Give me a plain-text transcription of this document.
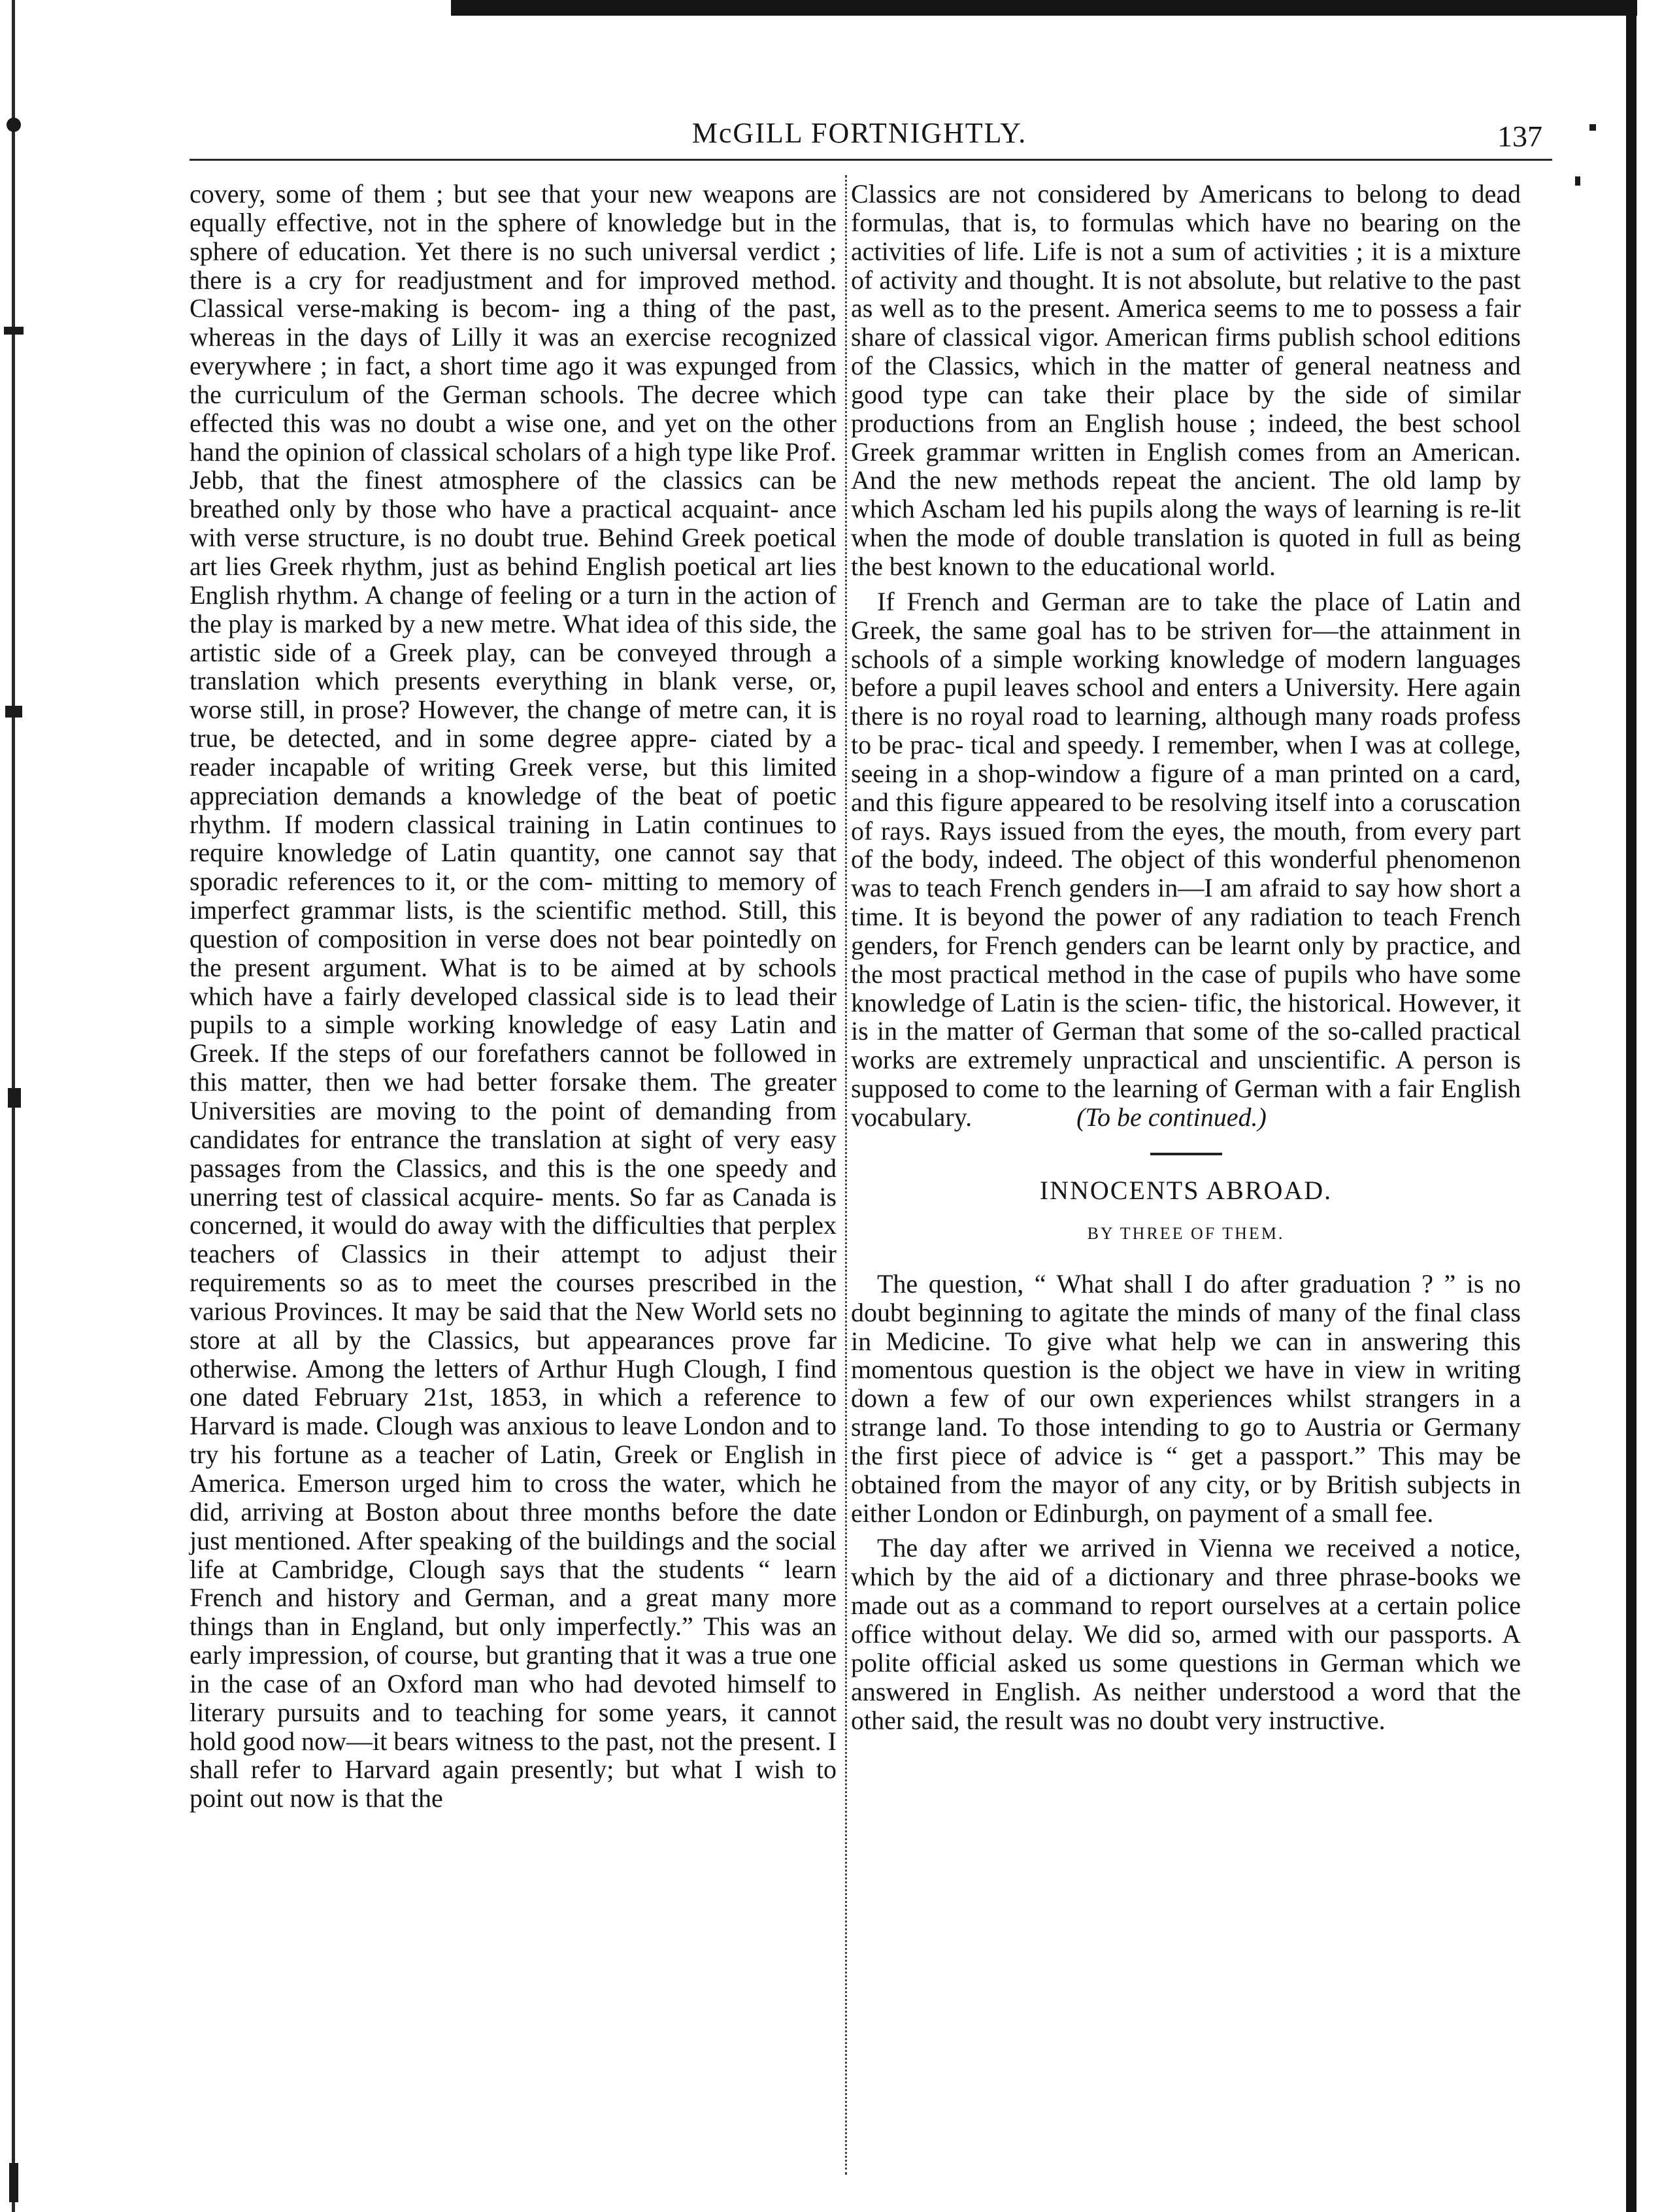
McGILL FORTNIGHTLY.	137

covery, some of them ; but see that your new weapons are equally effective, not in the sphere of knowledge but in the sphere of education. Yet there is no such universal verdict ; there is a cry for readjustment and for improved method. Classical verse-making is becom- ing a thing of the past, whereas in the days of Lilly it was an exercise recognized everywhere ; in fact, a short time ago it was expunged from the curriculum of the German schools. The decree which effected this was no doubt a wise one, and yet on the other hand the opinion of classical scholars of a high type like Prof. Jebb, that the finest atmosphere of the classics can be breathed only by those who have a practical acquaint- ance with verse structure, is no doubt true. Behind Greek poetical art lies Greek rhythm, just as behind English poetical art lies English rhythm. A change of feeling or a turn in the action of the play is marked by a new metre. What idea of this side, the artistic side of a Greek play, can be conveyed through a translation which presents everything in blank verse, or, worse still, in prose? However, the change of metre can, it is true, be detected, and in some degree appre- ciated by a reader incapable of writing Greek verse, but this limited appreciation demands a knowledge of the beat of poetic rhythm. If modern classical training in Latin continues to require knowledge of Latin quantity, one cannot say that sporadic references to it, or the com- mitting to memory of imperfect grammar lists, is the scientific method. Still, this question of composition in verse does not bear pointedly on the present argument. What is to be aimed at by schools which have a fairly developed classical side is to lead their pupils to a simple working knowledge of easy Latin and Greek. If the steps of our forefathers cannot be followed in this matter, then we had better forsake them. The greater Universities are moving to the point of demanding from candidates for entrance the translation at sight of very easy passages from the Classics, and this is the one speedy and unerring test of classical acquire- ments. So far as Canada is concerned, it would do away with the difficulties that perplex teachers of Classics in their attempt to adjust their requirements so as to meet the courses prescribed in the various Provinces. It may be said that the New World sets no store at all by the Classics, but appearances prove far otherwise. Among the letters of Arthur Hugh Clough, I find one dated February 21st, 1853, in which a reference to Harvard is made. Clough was anxious to leave London and to try his fortune as a teacher of Latin, Greek or English in America. Emerson urged him to cross the water, which he did, arriving at Boston about three months before the date just mentioned. After speaking of the buildings and the social life at Cambridge, Clough says that the students “ learn French and history and German, and a great many more things than in England, but only imperfectly.” This was an early impression, of course, but granting that it was a true one in the case of an Oxford man who had devoted himself to literary pursuits and to teaching for some years, it cannot hold good now—it bears witness to the past, not the present. I shall refer to Harvard again presently; but what I wish to point out now is that the

Classics are not considered by Americans to belong to dead formulas, that is, to formulas which have no bearing on the activities of life. Life is not a sum of activities ; it is a mixture of activity and thought. It is not absolute, but relative to the past as well as to the present. America seems to me to possess a fair share of classical vigor. American firms publish school editions of the Classics, which in the matter of general neatness and good type can take their place by the side of similar productions from an English house ; indeed, the best school Greek grammar written in English comes from an American. And the new methods repeat the ancient. The old lamp by which Ascham led his pupils along the ways of learning is re-lit when the mode of double translation is quoted in full as being the best known to the educational world.

If French and German are to take the place of Latin and Greek, the same goal has to be striven for—the attainment in schools of a simple working knowledge of modern languages before a pupil leaves school and enters a University. Here again there is no royal road to learning, although many roads profess to be prac- tical and speedy. I remember, when I was at college, seeing in a shop-window a figure of a man printed on a card, and this figure appeared to be resolving itself into a coruscation of rays. Rays issued from the eyes, the mouth, from every part of the body, indeed. The object of this wonderful phenomenon was to teach French genders in—I am afraid to say how short a time. It is beyond the power of any radiation to teach French genders, for French genders can be learnt only by practice, and the most practical method in the case of pupils who have some knowledge of Latin is the scien- tific, the historical. However, it is in the matter of German that some of the so-called practical works are extremely unpractical and unscientific. A person is supposed to come to the learning of German with a fair English vocabulary.	(To be continued.)

INNOCENTS ABROAD.
BY THREE OF THEM.

The question, “ What shall I do after graduation ? ” is no doubt beginning to agitate the minds of many of the final class in Medicine. To give what help we can in answering this momentous question is the object we have in view in writing down a few of our own experiences whilst strangers in a strange land. To those intending to go to Austria or Germany the first piece of advice is “ get a passport.” This may be obtained from the mayor of any city, or by British subjects in either London or Edinburgh, on payment of a small fee.

The day after we arrived in Vienna we received a notice, which by the aid of a dictionary and three phrase-books we made out as a command to report ourselves at a certain police office without delay. We did so, armed with our passports. A polite official asked us some questions in German which we answered in English. As neither understood a word that the other said, the result was no doubt very instructive.
